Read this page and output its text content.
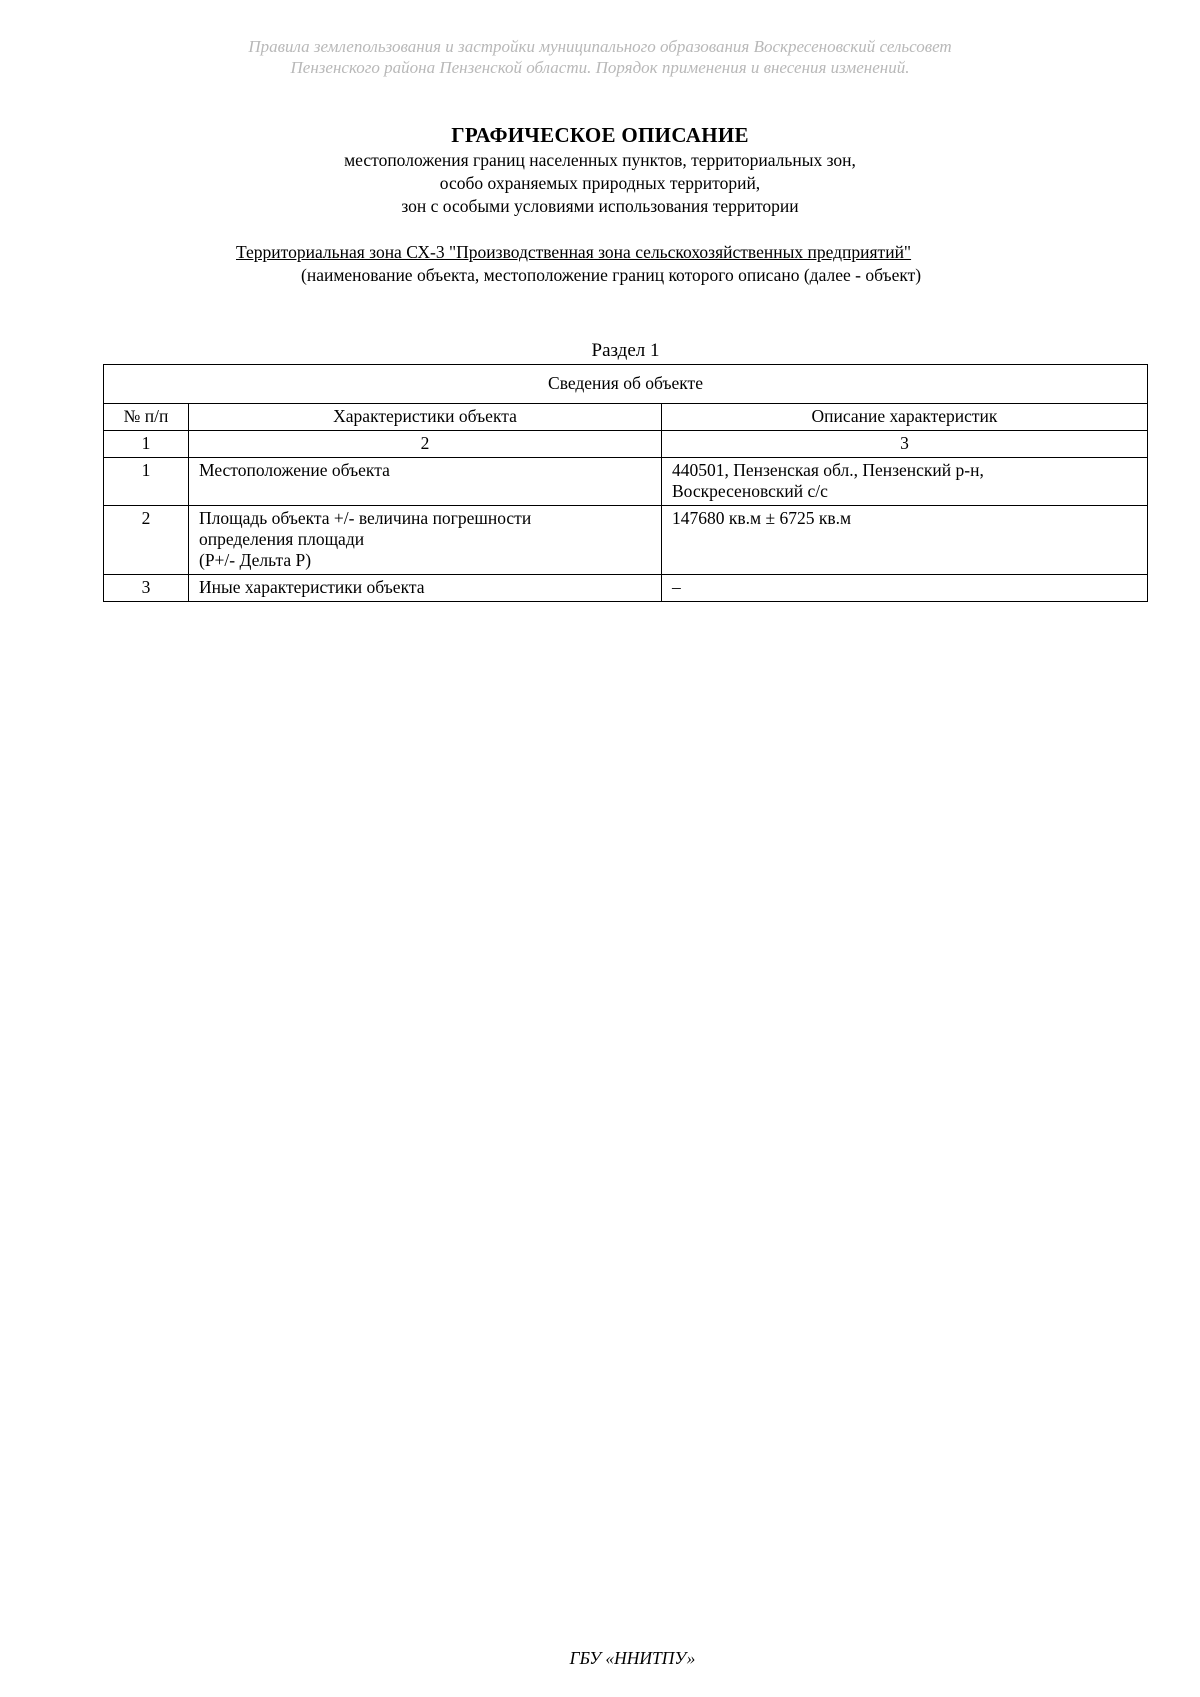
Правила землепользования и застройки муниципального образования Воскресеновский сельсовет
Пензенского района Пензенской области. Порядок применения и внесения изменений.
ГРАФИЧЕСКОЕ ОПИСАНИЕ
местоположения границ населенных пунктов, территориальных зон,
особо охраняемых природных территорий,
зон с особыми условиями использования территории
Территориальная зона СХ-3 "Производственная зона сельскохозяйственных предприятий"
(наименование объекта, местоположение границ которого описано (далее - объект)
Раздел 1
Сведения об объекте		
№ п/п	Характеристики объекта	Описание характеристик
1	2	3
1	Местоположение объекта	440501, Пензенская обл., Пензенский р-н,
Воскресеновский с/с
2	Площадь объекта +/- величина погрешности
определения площади
(Р+/- Дельта Р)	147680 кв.м ± 6725 кв.м
3	Иные характеристики объекта	–
ГБУ «ННИТПУ»
